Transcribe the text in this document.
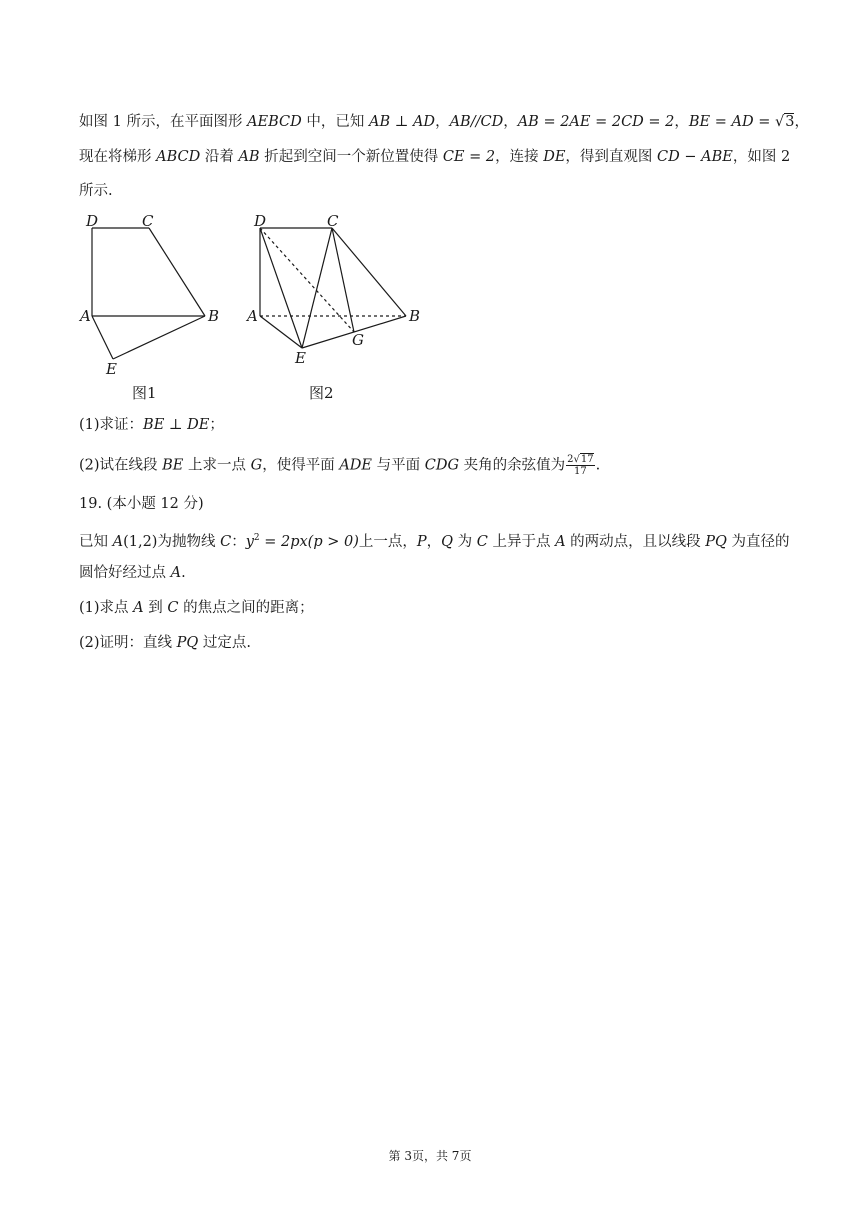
如图 1 所示，在平面图形 AEBCD 中，已知 AB ⊥ AD，AB//CD，AB = 2AE = 2CD = 2，BE = AD = √3，
现在将梯形 ABCD 沿着 AB 折起到空间一个新位置使得 CE = 2，连接 DE，得到直观图 CD − ABE，如图 2
所示.
D	C
A	B
E
图1
D	C
A	B
E
G
图2
(1)求证：BE ⊥ DE；
(2)试在线段 BE 上求一点 G，使得平面 ADE 与平面 CDG 夹角的余弦值为 $\frac{2√17}{17}$ .
19. (本小题 12 分)
已知 A(1,2)为抛物线 C：$y^2 = 2px(p > 0)$上一点，P，Q 为 C 上异于点 A 的两动点，且以线段 PQ 为直径的
圆恰好经过点 A.
(1)求点 A 到 C 的焦点之间的距离；
(2)证明：直线 PQ 过定点.
第 3页，共 7页
